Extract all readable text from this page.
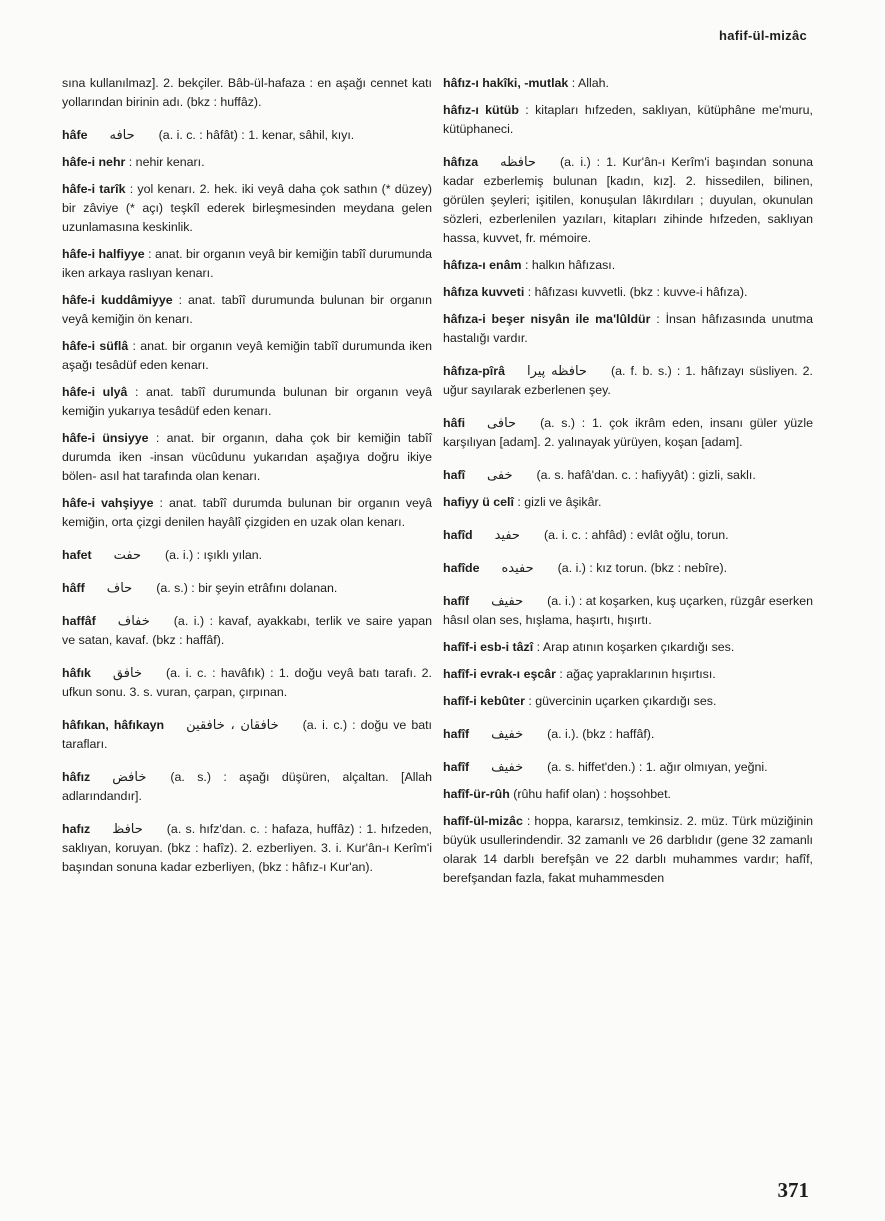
hafif-ül-mizâc

sına kullanılmaz]. 2. bekçiler. Bâb-ül-hafaza : en aşağı cennet katı yollarından birinin adı. (bkz : huffâz).

hâfe حافه (a. i. c. : hâfât) : 1. kenar, sâhil, kıyı.

hâfe-i nehr : nehir kenarı.

hâfe-i tarîk : yol kenarı. 2. hek. iki veyâ daha çok sathın (* düzey) bir zâviye (* açı) teşkîl ederek birleşmesinden meydana gelen uzunlamasına keskinlik.

hâfe-i halfiyye : anat. bir organın veyâ bir kemiğin tabîî durumunda iken arkaya raslıyan kenarı.

hâfe-i kuddâmiyye : anat. tabîî durumunda bulunan bir organın veyâ kemiğin ön kenarı.

hâfe-i süflâ : anat. bir organın veyâ kemiğin tabîî durumunda iken aşağı tesâdüf eden kenarı.

hâfe-i ulyâ : anat. tabîî durumunda bulunan bir organın veyâ kemiğin yukarıya tesâdüf eden kenarı.

hâfe-i ünsiyye : anat. bir organın, daha çok bir kemiğin tabîî durumda iken -insan vücûdunu yukarıdan aşağıya doğru ikiye bölen- asıl hat tarafında olan kenarı.

hâfe-i vahşiyye : anat. tabîî durumda bulunan bir organın veyâ kemiğin, orta çizgi denilen hayâlî çizgiden en uzak olan kenarı.

hafet حفت (a. i.) : ışıklı yılan.

hâff حاف (a. s.) : bir şeyin etrâfını dolanan.

haffâf خفاف (a. i.) : kavaf, ayakkabı, terlik ve saire yapan ve satan, kavaf. (bkz : haffâf).

hâfık خافق (a. i. c. : havâfık) : 1. doğu veyâ batı tarafı. 2. ufkun sonu. 3. s. vuran, çarpan, çırpınan.

hâfıkan, hâfıkayn خافقان ، خافقين (a. i. c.) : doğu ve batı tarafları.

hâfız خافض (a. s.) : aşağı düşüren, alçaltan. [Allah adlarındandır].

hafız حافظ (a. s. hıfz'dan. c. : hafaza, huffâz) : 1. hıfzeden, saklıyan, koruyan. (bkz : hafîz). 2. ezberliyen. 3. i. Kur'ân-ı Kerîm'i başından sonuna kadar ezberliyen, (bkz : hâfız-ı Kur'an).

hâfız-ı hakîki, -mutlak : Allah.

hâfız-ı kütüb : kitapları hıfzeden, saklıyan, kütüphâne me'muru, kütüphaneci.

hâfıza حافظه (a. i.) : 1. Kur'ân-ı Kerîm'i başından sonuna kadar ezberlemiş bulunan [kadın, kız]. 2. hissedilen, bilinen, görülen şeyleri; işitilen, konuşulan lâkırdıları ; duyulan, okunulan sözleri, ezberlenilen yazıları, kitapları zihinde hıfzeden, saklıyan hassa, kuvvet, fr. mémoire.

hâfıza-ı enâm : halkın hâfızası.

hâfıza kuvveti : hâfızası kuvvetli. (bkz : kuvve-i hâfıza).

hâfıza-i beşer nisyân ile ma'lûldür : İnsan hâfızasında unutma hastalığı vardır.

hâfıza-pîrâ حافظه پیرا (a. f. b. s.) : 1. hâfızayı süsliyen. 2. uğur sayılarak ezberlenen şey.

hâfi حافی (a. s.) : 1. çok ikrâm eden, insanı güler yüzle karşılıyan [adam]. 2. yalınayak yürüyen, koşan [adam].

hafî خفی (a. s. hafâ'dan. c. : hafiyyât) : gizli, saklı.

hafiyy ü celî : gizli ve âşikâr.

hafîd حفید (a. i. c. : ahfâd) : evlât oğlu, torun.

hafîde حفیده (a. i.) : kız torun. (bkz : nebîre).

hafîf حفیف (a. i.) : at koşarken, kuş uçarken, rüzgâr eserken hâsıl olan ses, hışlama, haşırtı, hışırtı.

hafîf-i esb-i tâzî : Arap atının koşarken çıkardığı ses.

hafîf-i evrak-ı eşcâr : ağaç yapraklarının hışırtısı.

hafîf-i kebûter : güvercinin uçarken çıkardığı ses.

hafîf خفیف (a. i.). (bkz : haffâf).

hafîf خفیف (a. s. hiffet'den.) : 1. ağır olmıyan, yeğni.

hafîf-ür-rûh (rûhu hafif olan) : hoşsohbet.

hafîf-ül-mizâc : hoppa, kararsız, temkinsiz. 2. müz. Türk müziğinin büyük usullerindendir. 32 zamanlı ve 26 darblıdır (gene 32 zamanlı olarak 14 darblı berefşân ve 22 darblı muhammes vardır; hafîf, berefşandan fazla, fakat muhammesden

371
